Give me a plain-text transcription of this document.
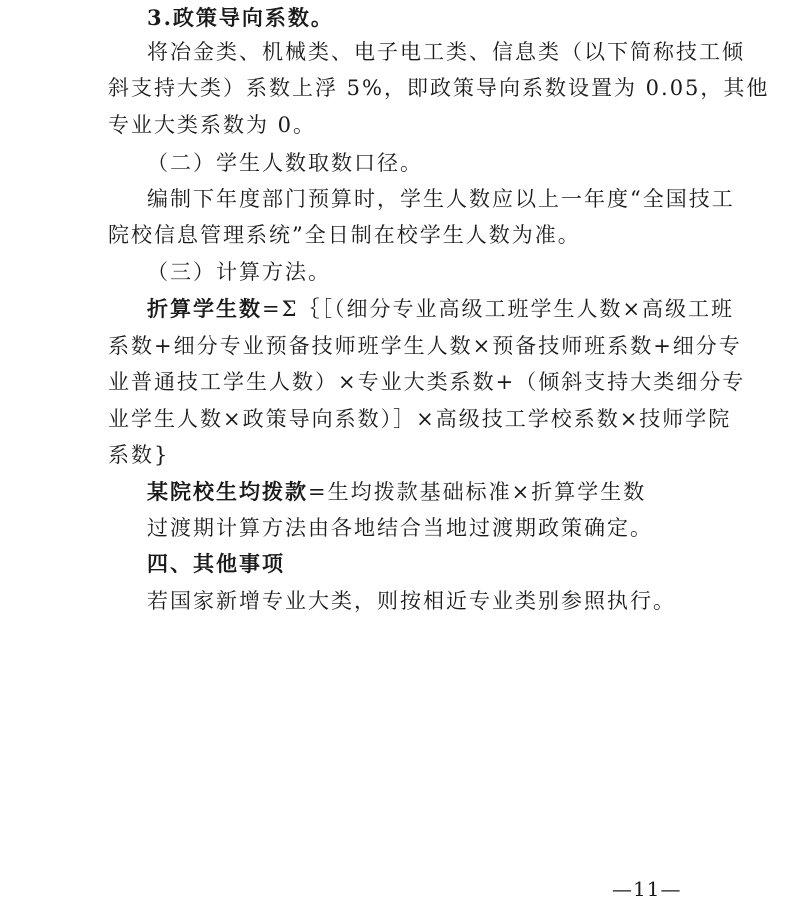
3.政策导向系数。
将冶金类、机械类、电子电工类、信息类（以下简称技工倾
斜支持大类）系数上浮 5%，即政策导向系数设置为 0.05，其他
专业大类系数为 0。
（二）学生人数取数口径。
编制下年度部门预算时，学生人数应以上一年度“全国技工
院校信息管理系统”全日制在校学生人数为准。
（三）计算方法。
折算学生数=Σ｛［（细分专业高级工班学生人数×高级工班
系数+细分专业预备技师班学生人数×预备技师班系数+细分专
业普通技工学生人数）×专业大类系数+（倾斜支持大类细分专
业学生人数×政策导向系数）］×高级技工学校系数×技师学院
系数}
某院校生均拨款=生均拨款基础标准×折算学生数
过渡期计算方法由各地结合当地过渡期政策确定。
四、其他事项
若国家新增专业大类，则按相近专业类别参照执行。
—11—
